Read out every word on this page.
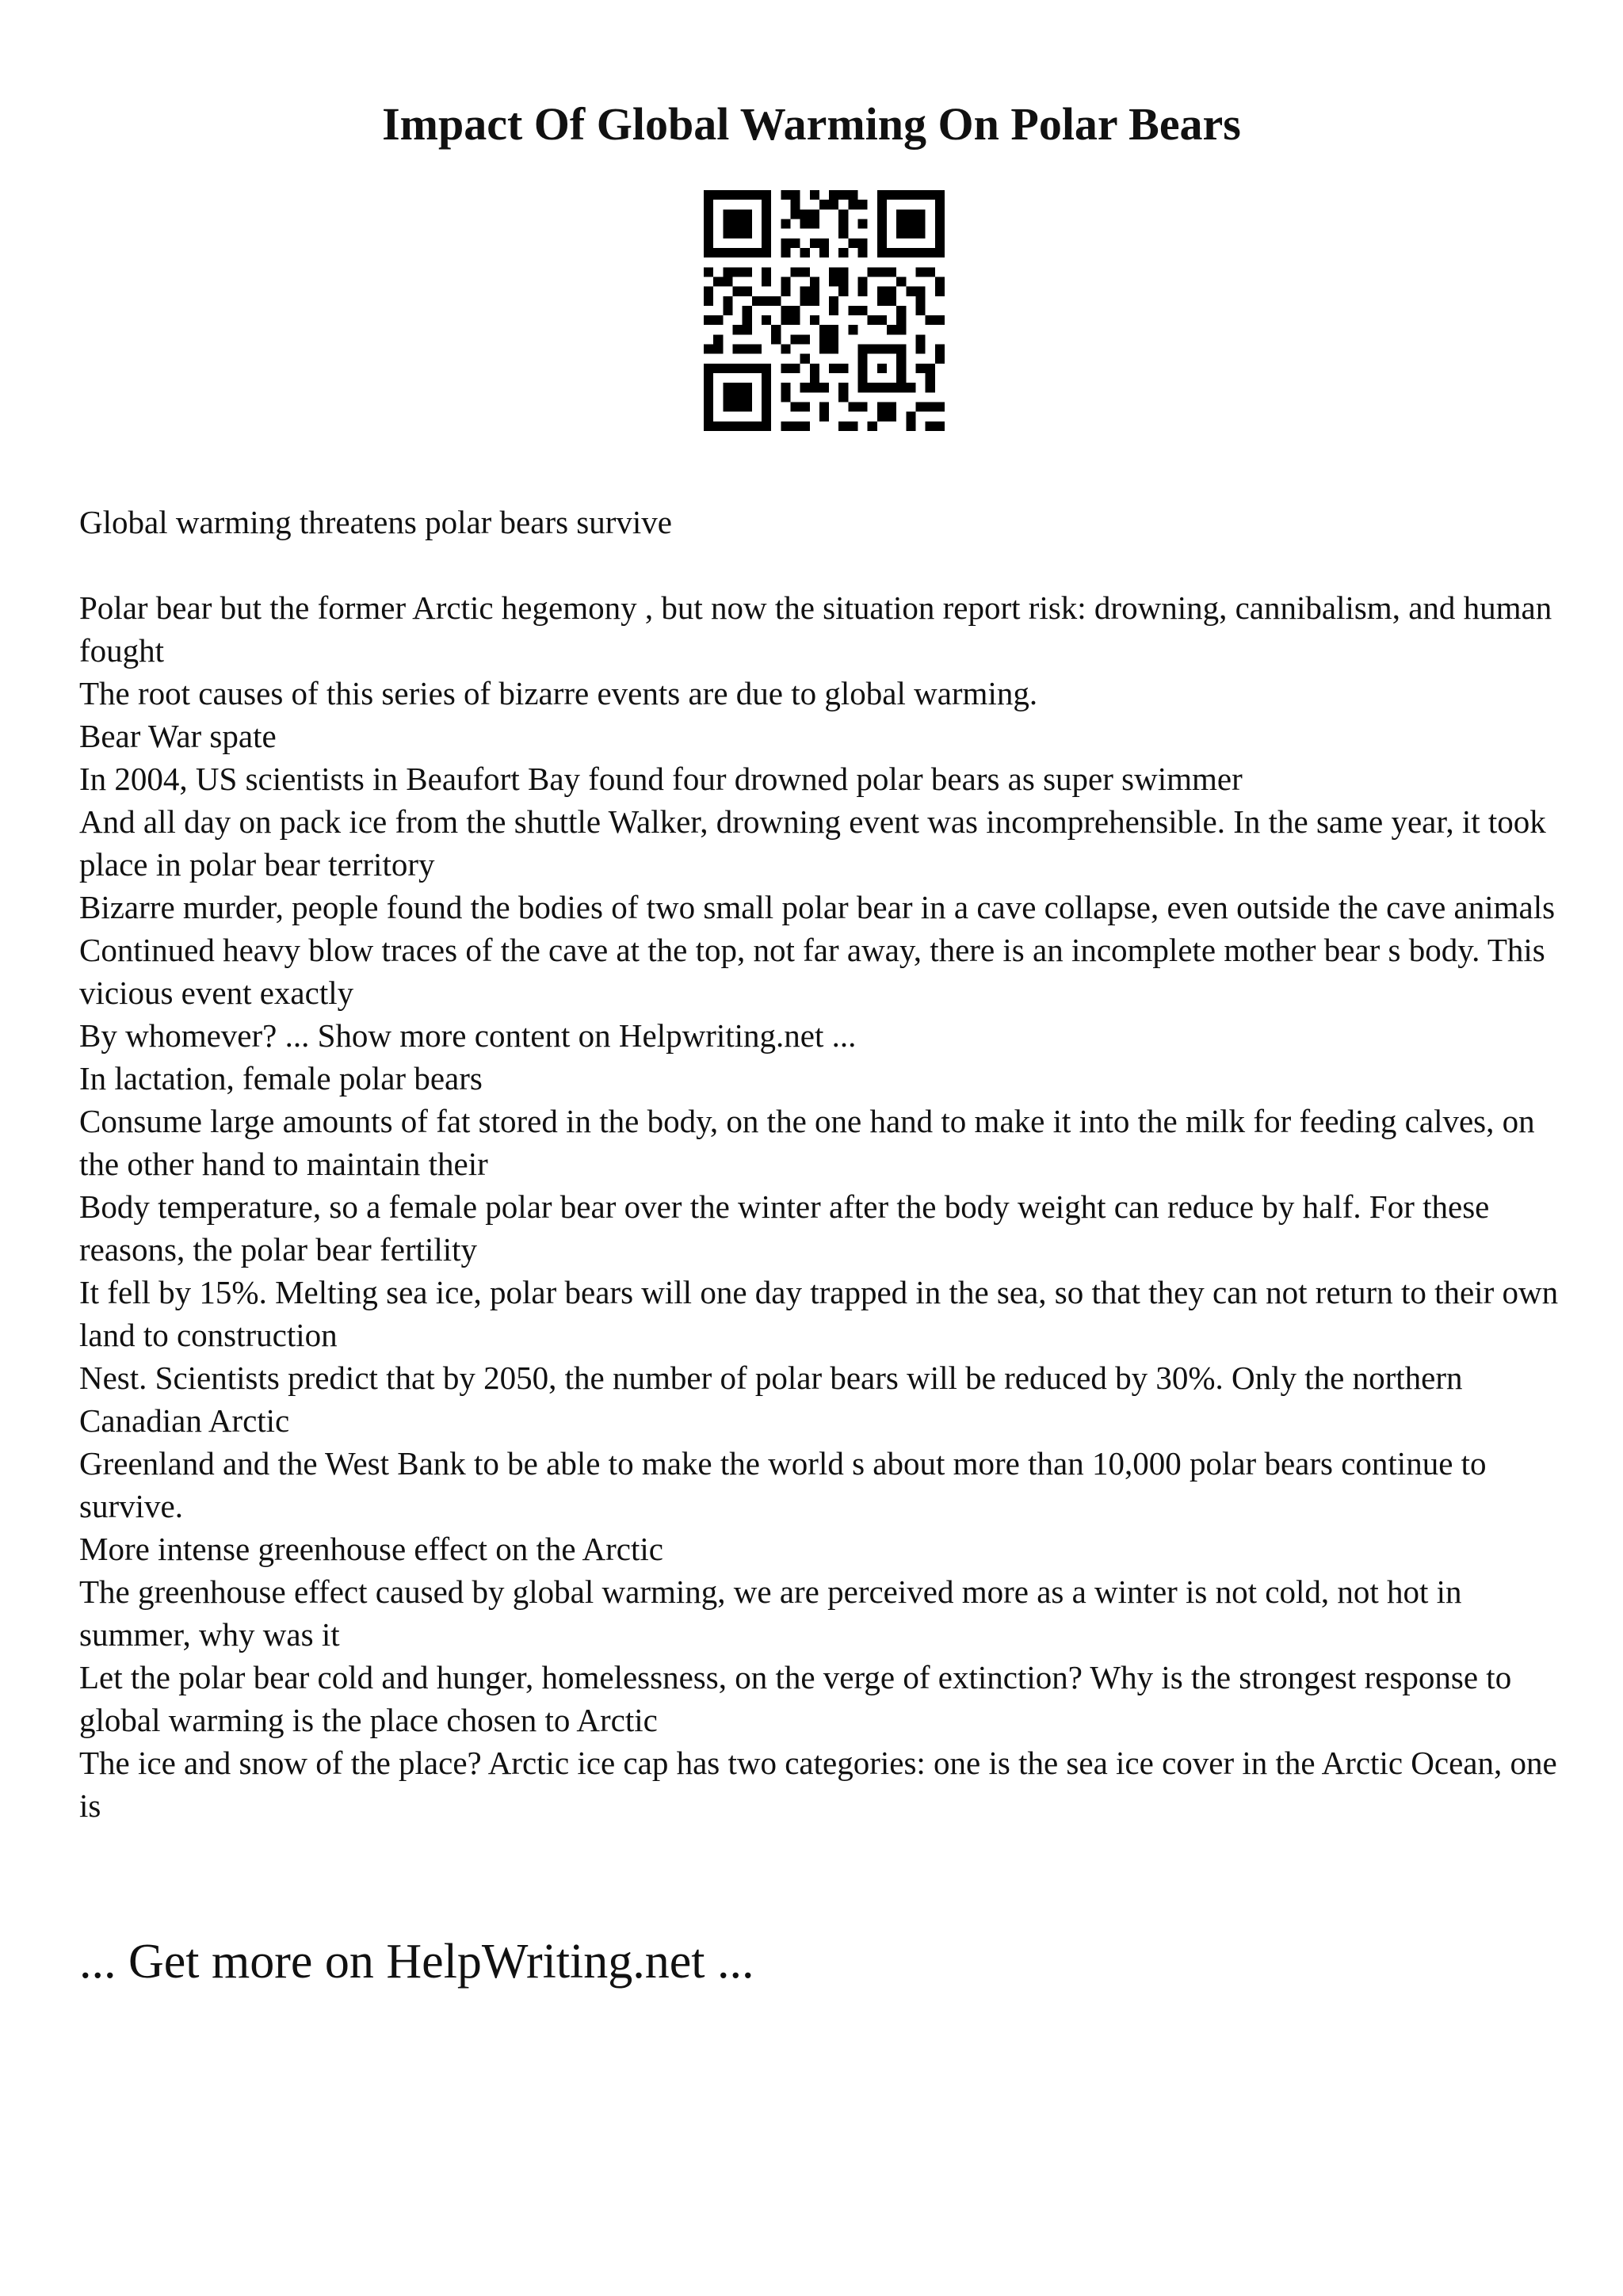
Impact Of Global Warming On Polar Bears

Global warming threatens polar bears survive

Polar bear but the former Arctic hegemony , but now the situation report risk: drowning, cannibalism, and human fought

The root causes of this series of bizarre events are due to global warming.

Bear War spate

In 2004, US scientists in Beaufort Bay found four drowned polar bears as super swimmer

And all day on pack ice from the shuttle Walker, drowning event was incomprehensible. In the same year, it took place in polar bear territory

Bizarre murder, people found the bodies of two small polar bear in a cave collapse, even outside the cave animals

Continued heavy blow traces of the cave at the top, not far away, there is an incomplete mother bear s body. This vicious event exactly

By whomever? ... Show more content on Helpwriting.net ...

In lactation, female polar bears

Consume large amounts of fat stored in the body, on the one hand to make it into the milk for feeding calves, on the other hand to maintain their

Body temperature, so a female polar bear over the winter after the body weight can reduce by half. For these reasons, the polar bear fertility

It fell by 15%. Melting sea ice, polar bears will one day trapped in the sea, so that they can not return to their own land to construction

Nest. Scientists predict that by 2050, the number of polar bears will be reduced by 30%. Only the northern Canadian Arctic

Greenland and the West Bank to be able to make the world s about more than 10,000 polar bears continue to survive.

More intense greenhouse effect on the Arctic

The greenhouse effect caused by global warming, we are perceived more as a winter is not cold, not hot in summer, why was it

Let the polar bear cold and hunger, homelessness, on the verge of extinction? Why is the strongest response to global warming is the place chosen to Arctic

The ice and snow of the place? Arctic ice cap has two categories: one is the sea ice cover in the Arctic Ocean, one is

... Get more on HelpWriting.net ...
